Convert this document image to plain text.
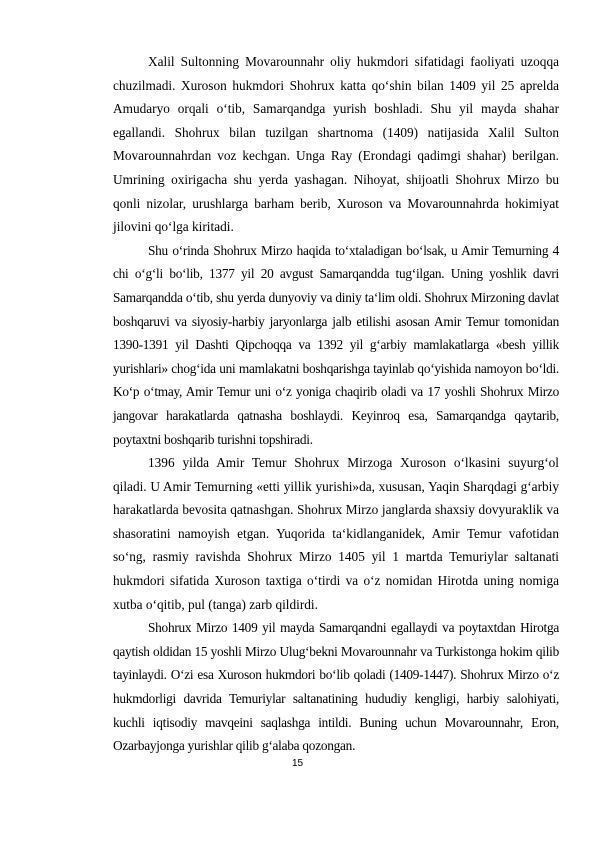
Xalil Sultonning Movarounnahr oliy hukmdori sifatidagi faoliyati uzoqqa chuzilmadi. Xuroson hukmdori Shohrux katta qo‘shin bilan 1409 yil 25 aprelda Amudaryo orqali o‘tib, Samarqandga yurish boshladi. Shu yil mayda shahar egallandi. Shohrux bilan tuzilgan shartnoma (1409) natijasida Xalil Sulton Movarounnahrdan voz kechgan. Unga Ray (Erondagi qadimgi shahar) berilgan. Umrining oxirigacha shu yerda yashagan. Nihoyat, shijoatli Shohrux Mirzo bu qonli nizolar, urushlarga barham berib, Xuroson va Movarounnahrda hokimiyat jilovini qo‘lga kiritadi.

Shu o‘rinda Shohrux Mirzo haqida to‘xtaladigan bo‘lsak, u Amir Temurning 4 chi o‘g‘li bo‘lib, 1377 yil 20 avgust Samarqandda tug‘ilgan. Uning yoshlik davri Samarqandda o‘tib, shu yerda dunyoviy va diniy ta‘lim oldi. Shohrux Mirzoning davlat boshqaruvi va siyosiy-harbiy jaryonlarga jalb etilishi asosan Amir Temur tomonidan 1390-1391 yil Dashti Qipchoqqa va 1392 yil g‘arbiy mamlakatlarga «besh yillik yurishlari» chog‘ida uni mamlakatni boshqarishga tayinlab qo‘yishida namoyon bo‘ldi. Ko‘p o‘tmay, Amir Temur uni o‘z yoniga chaqirib oladi va 17 yoshli Shohrux Mirzo jangovar harakatlarda qatnasha boshlaydi. Keyinroq esa, Samarqandga qaytarib, poytaxtni boshqarib turishni topshiradi.

1396 yilda Amir Temur Shohrux Mirzoga Xuroson o‘lkasini suyurg‘ol qiladi. U Amir Temurning «etti yillik yurishi»da, xususan, Yaqin Sharqdagi g‘arbiy harakatlarda bevosita qatnashgan. Shohrux Mirzo janglarda shaxsiy dovyuraklik va shasoratini namoyish etgan. Yuqorida ta‘kidlanganidek, Amir Temur vafotidan so‘ng, rasmiy ravishda Shohrux Mirzo 1405 yil 1 martda Temuriylar saltanati hukmdori sifatida Xuroson taxtiga o‘tirdi va o‘z nomidan Hirotda uning nomiga xutba o‘qitib, pul (tanga) zarb qildirdi.

Shohrux Mirzo 1409 yil mayda Samarqandni egallaydi va poytaxtdan Hirotga qaytish oldidan 15 yoshli Mirzo Ulug‘bekni Movarounnahr va Turkistonga hokim qilib tayinlaydi. O‘zi esa Xuroson hukmdori bo‘lib qoladi (1409-1447). Shohrux Mirzo o‘z hukmdorligi davrida Temuriylar saltanatining hududiy kengligi, harbiy salohiyati, kuchli iqtisodiy mavqeini saqlashga intildi. Buning uchun Movarounnahr, Eron, Ozarbayjonga yurishlar qilib g‘alaba qozongan.

15
